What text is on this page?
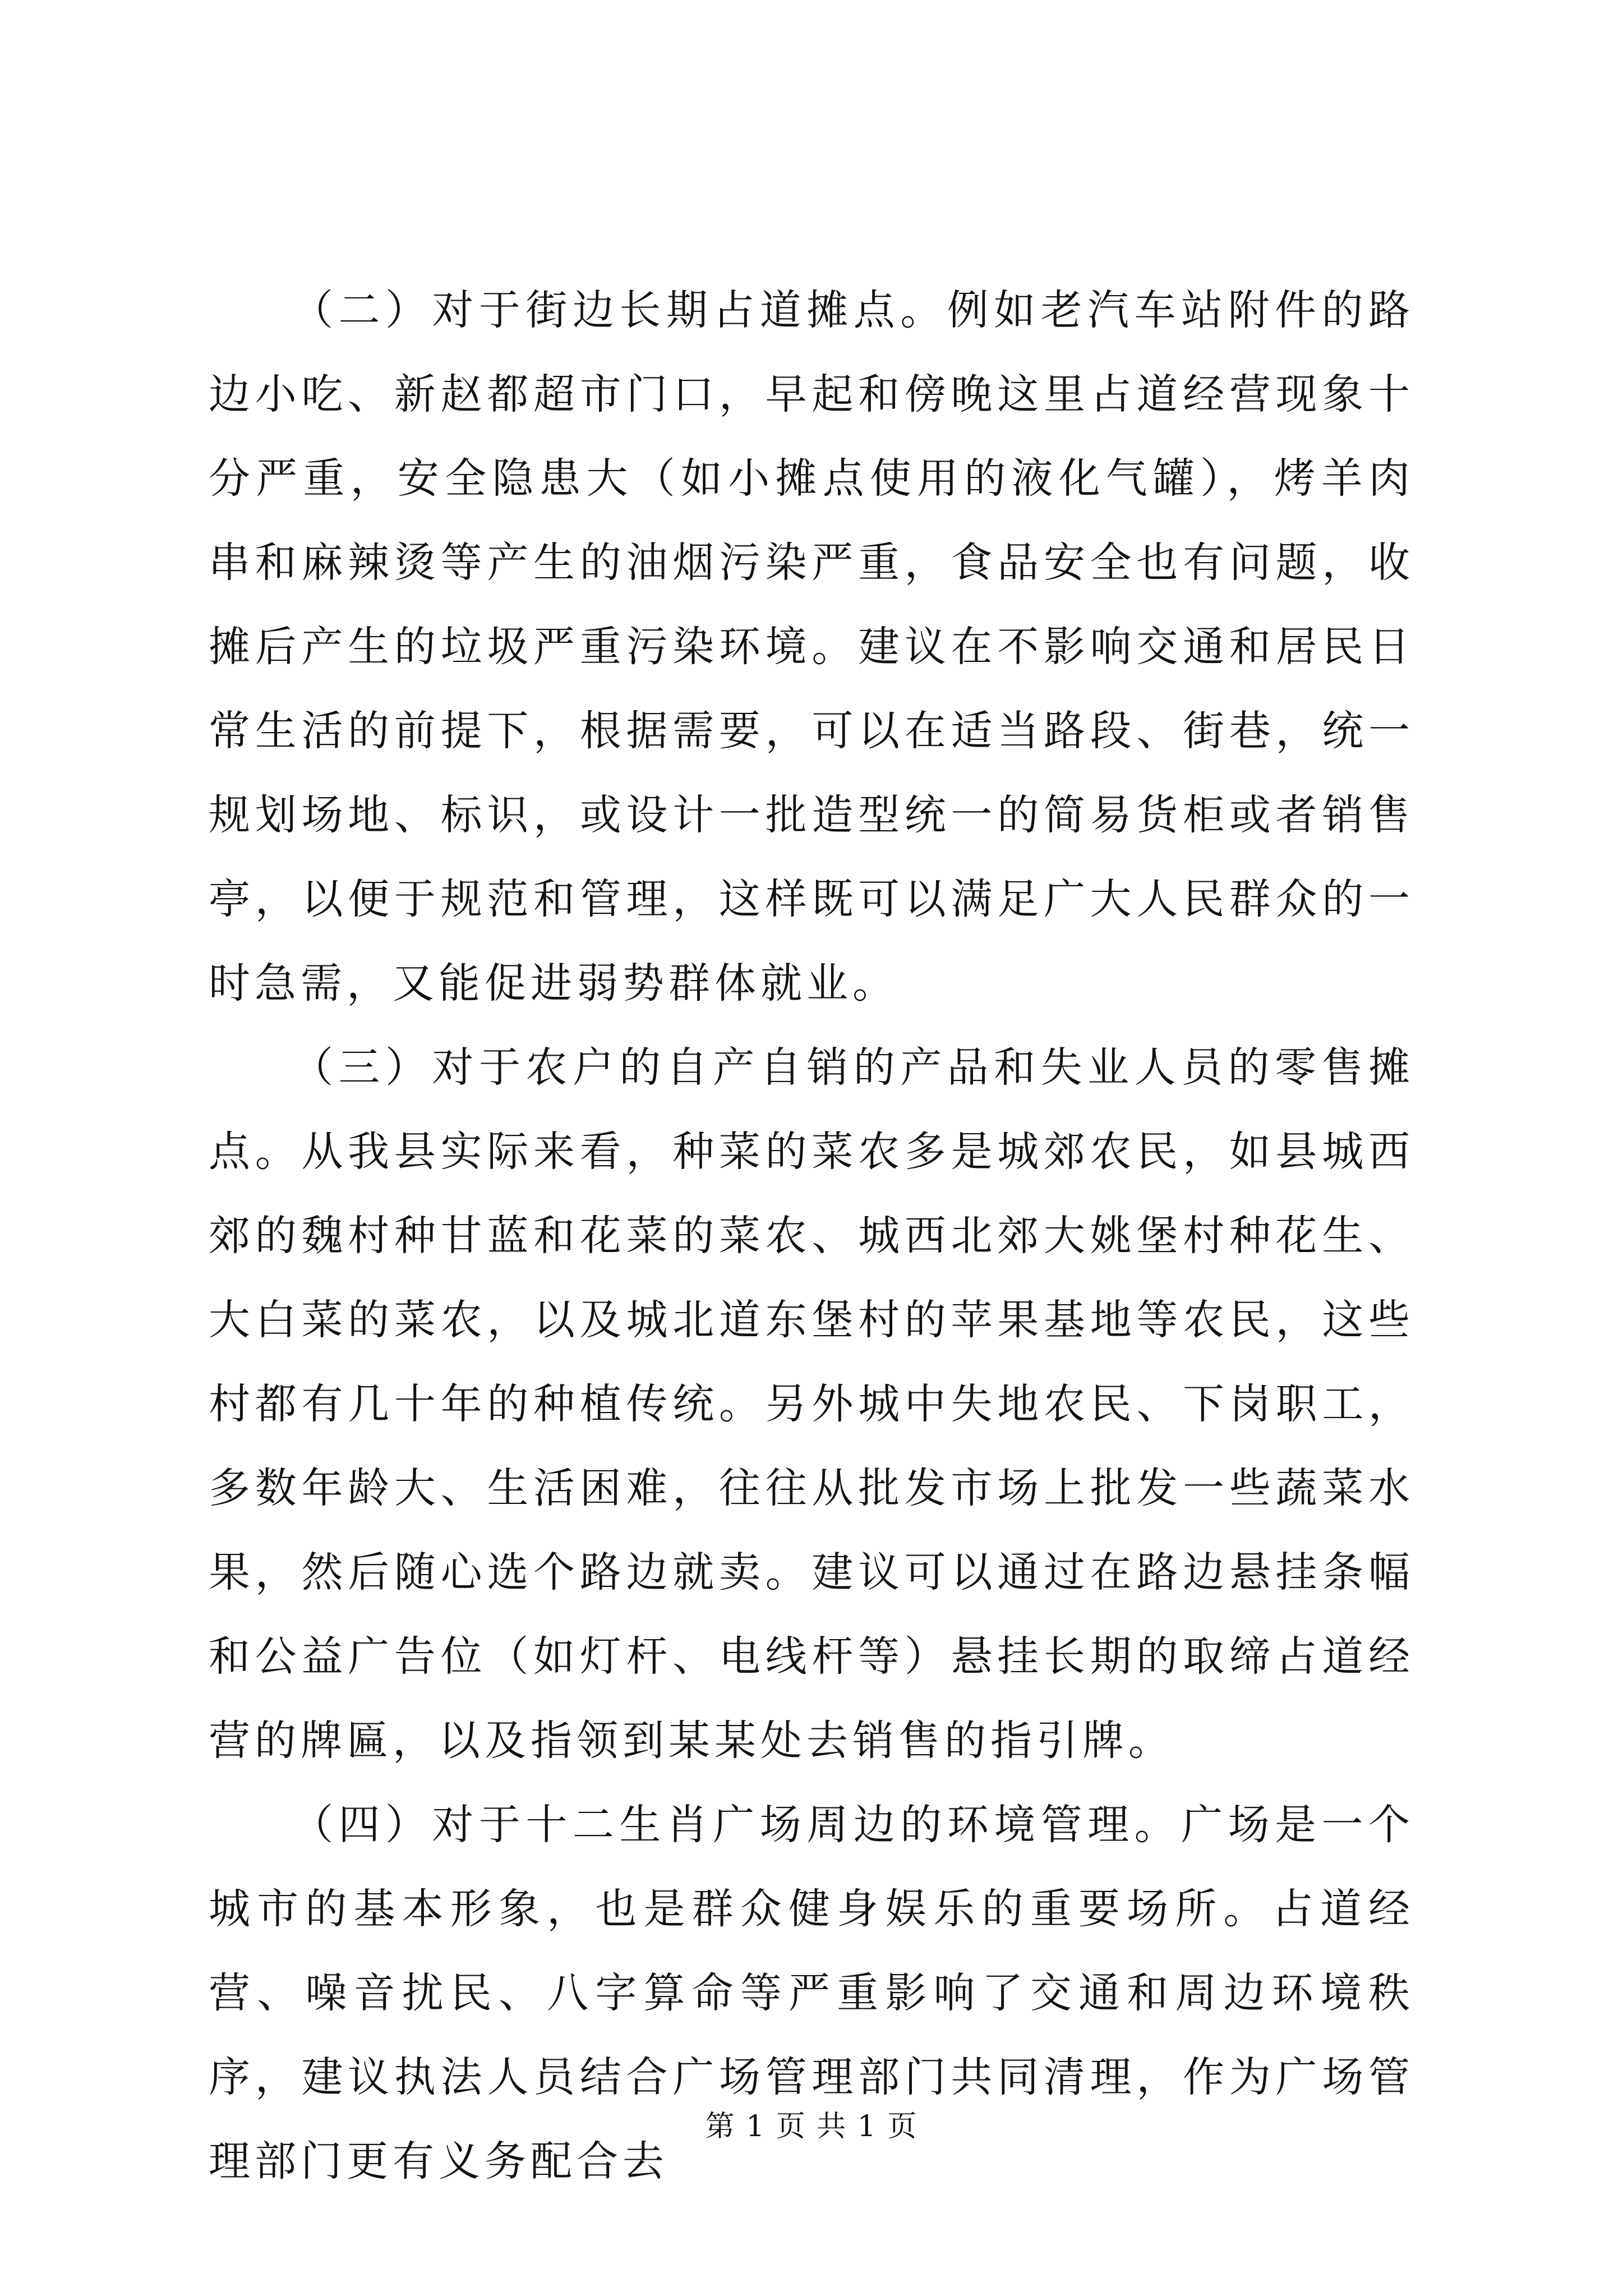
（二）对于街边长期占道摊点。例如老汽车站附件的路边小吃、新赵都超市门口，早起和傍晚这里占道经营现象十分严重，安全隐患大（如小摊点使用的液化气罐），烤羊肉串和麻辣烫等产生的油烟污染严重，食品安全也有问题，收摊后产生的垃圾严重污染环境。建议在不影响交通和居民日常生活的前提下，根据需要，可以在适当路段、街巷，统一规划场地、标识，或设计一批造型统一的简易货柜或者销售亭，以便于规范和管理，这样既可以满足广大人民群众的一时急需，又能促进弱势群体就业。

（三）对于农户的自产自销的产品和失业人员的零售摊点。从我县实际来看，种菜的菜农多是城郊农民，如县城西郊的魏村种甘蓝和花菜的菜农、城西北郊大姚堡村种花生、大白菜的菜农，以及城北道东堡村的苹果基地等农民，这些村都有几十年的种植传统。另外城中失地农民、下岗职工，多数年龄大、生活困难，往往从批发市场上批发一些蔬菜水果，然后随心选个路边就卖。建议可以通过在路边悬挂条幅和公益广告位（如灯杆、电线杆等）悬挂长期的取缔占道经营的牌匾，以及指领到某某处去销售的指引牌。

（四）对于十二生肖广场周边的环境管理。广场是一个城市的基本形象，也是群众健身娱乐的重要场所。占道经营、噪音扰民、八字算命等严重影响了交通和周边环境秩序，建议执法人员结合广场管理部门共同清理，作为广场管理部门更有义务配合去

第 1 页 共 1 页
